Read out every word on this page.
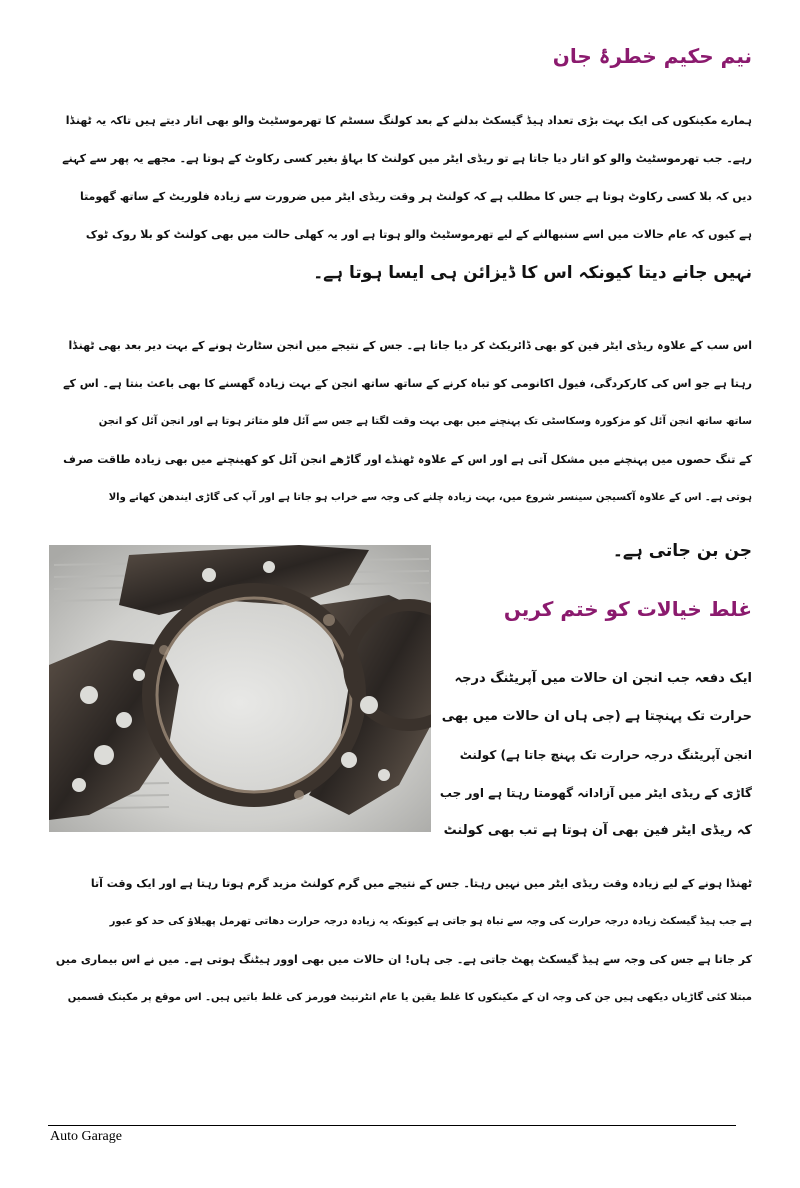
نیم حکیم خطرۂ جان
ہمارے مکینکوں کی ایک بہت بڑی تعداد ہیڈ گیسکٹ بدلنے کے بعد کولنگ سسٹم کا تھرموسٹیٹ والو بھی اتار دیتے ہیں تاکہ یہ ٹھنڈا
رہے۔ جب تھرموسٹیٹ والو کو اتار دیا جاتا ہے تو ریڈی ایٹر میں کولنٹ کا بہاؤ بغیر کسی رکاوٹ کے ہوتا ہے۔ مجھے یہ پھر سے کہنے
دیں کہ بلا کسی رکاوٹ ہوتا ہے جس کا مطلب ہے کہ کولنٹ ہر وقت ریڈی ایٹر میں ضرورت سے زیادہ فلوریٹ کے ساتھ گھومتا
ہے کیوں کہ عام حالات میں اسے سنبھالنے کے لیے تھرموسٹیٹ والو ہوتا ہے اور یہ کھلی حالت میں بھی کولنٹ کو بلا روک ٹوک
نہیں جانے دیتا کیونکہ اس کا ڈیزائن ہی ایسا ہوتا ہے۔
اس سب کے علاوہ ریڈی ایٹر فین کو بھی ڈائریکٹ کر دیا جاتا ہے۔ جس کے نتیجے میں انجن سٹارٹ ہونے کے بہت دیر بعد بھی ٹھنڈا
رہتا ہے جو اس کی کارکردگی، فیول اکانومی کو تباہ کرنے کے ساتھ ساتھ انجن کے بہت زیادہ گھسنے کا بھی باعث بنتا ہے۔ اس کے
ساتھ ساتھ انجن آئل کو مزکورہ وسکاسٹی تک پہنچنے میں بھی بہت وقت لگتا ہے جس سے آئل فلو متاثر ہوتا ہے اور انجن آئل کو انجن
کے تنگ حصوں میں پہنچنے میں مشکل آتی ہے اور اس کے علاوہ ٹھنڈے اور گاڑھے انجن آئل کو کھینچنے میں بھی زیادہ طاقت صرف
ہوتی ہے۔ اس کے علاوہ آکسیجن سینسر شروع میں، بہت زیادہ چلنے کی وجہ سے خراب ہو جاتا ہے اور آپ کی گاڑی ایندھن کھانے والا
جن بن جاتی ہے۔
غلط خیالات کو ختم کریں
ایک دفعہ جب انجن ان حالات میں آپریٹنگ درجہ
حرارت تک پہنچتا ہے (جی ہاں ان حالات میں بھی
انجن آپریٹنگ درجہ حرارت تک پہنچ جاتا ہے) کولنٹ
گاڑی کے ریڈی ایٹر میں آزادانہ گھومتا رہتا ہے اور جب
کہ ریڈی ایٹر فین بھی آن ہوتا ہے تب بھی کولنٹ
ٹھنڈا ہونے کے لیے زیادہ وقت ریڈی ایٹر میں نہیں رہتا۔ جس کے نتیجے میں گرم کولنٹ مزید گرم ہوتا رہتا ہے اور ایک وقت آتا
ہے جب ہیڈ گیسکٹ زیادہ درجہ حرارت کی وجہ سے تباہ ہو جاتی ہے کیونکہ یہ زیادہ درجہ حرارت دھاتی تھرمل پھیلاؤ کی حد کو عبور
کر جاتا ہے جس کی وجہ سے ہیڈ گیسکٹ پھٹ جاتی ہے۔ جی ہاں! ان حالات میں بھی اوور ہیٹنگ ہوتی ہے۔ میں نے اس بیماری میں
مبتلا کئی گاڑیاں دیکھی ہیں جن کی وجہ ان کے مکینکوں کا غلط یقین یا عام انٹرنیٹ فورمز کی غلط باتیں ہیں۔ اس موقع پر مکینک قسمیں
Auto Garage
